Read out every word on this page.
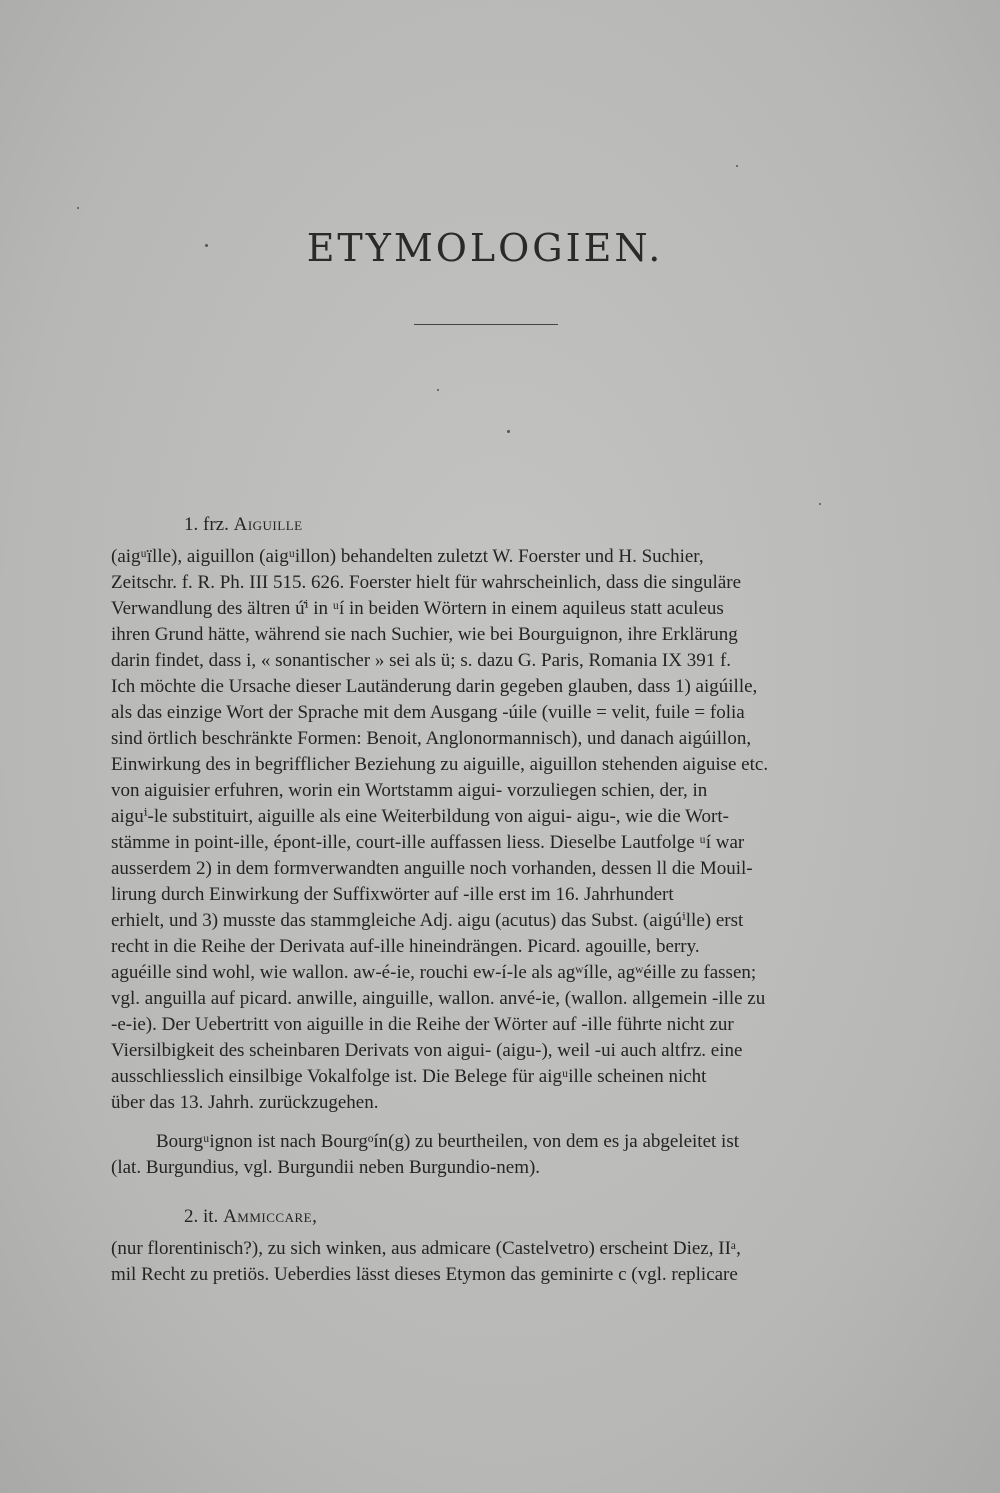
ETYMOLOGIEN.
1. frz. Aiguille
(aigᵘïlle), aiguillon (aigᵘillon) behandelten zuletzt W. Foerster und H. Suchier,
Zeitschr. f. R. Ph. III 515. 626. Foerster hielt für wahrscheinlich, dass die singuläre
Verwandlung des ältren ú̇ⁱ in ᵘí in beiden Wörtern in einem aquileus statt aculeus
ihren Grund hätte, während sie nach Suchier, wie bei Bourguignon, ihre Erklärung
darin findet, dass i, « sonantischer » sei als ü; s. dazu G. Paris, Romania IX 391 f.
Ich möchte die Ursache dieser Lautänderung darin gegeben glauben, dass 1) aigúille,
als das einzige Wort der Sprache mit dem Ausgang -úile (vuille = velit, fuile = folia
sind örtlich beschränkte Formen: Benoit, Anglonormannisch), und danach aigúillon,
Einwirkung des in begrifflicher Beziehung zu aiguille, aiguillon stehenden aiguise etc.
von aiguisier erfuhren, worin ein Wortstamm aigui- vorzuliegen schien, der, in
aiguⁱ-le substituirt, aiguille als eine Weiterbildung von aigui- aigu-, wie die Wort-
stämme in point-ille, épont-ille, court-ille auffassen liess. Dieselbe Lautfolge ᵘí war
ausserdem 2) in dem formverwandten anguille noch vorhanden, dessen ll die Mouil-
lirung durch Einwirkung der Suffixwörter auf -ille erst im 16. Jahrhundert
erhielt, und 3) musste das stammgleiche Adj. aigu (acutus) das Subst. (aigúⁱlle) erst
recht in die Reihe der Derivata auf-ille hineindrängen. Picard. agouille, berry.
aguéille sind wohl, wie wallon. aw-é-ie, rouchi ew-í-le als agʷílle, agʷéille zu fassen;
vgl. anguilla auf picard. anwille, ainguille, wallon. anvé-ie, (wallon. allgemein -ille zu
-e-ie). Der Uebertritt von aiguille in die Reihe der Wörter auf -ille führte nicht zur
Viersilbigkeit des scheinbaren Derivats von aigui- (aigu-), weil -ui auch altfrz. eine
ausschliesslich einsilbige Vokalfolge ist. Die Belege für aigᵘille scheinen nicht
über das 13. Jahrh. zurückzugehen.
Bourgᵘignon ist nach Bourgᵒín(g) zu beurtheilen, von dem es ja abgeleitet ist
(lat. Burgundius, vgl. Burgundii neben Burgundio-nem).
2. it. Ammiccare,
(nur florentinisch?), zu sich winken, aus admicare (Castelvetro) erscheint Diez, IIᵃ,
mil Recht zu pretiös. Ueberdies lässt dieses Etymon das geminirte c (vgl. replicare
